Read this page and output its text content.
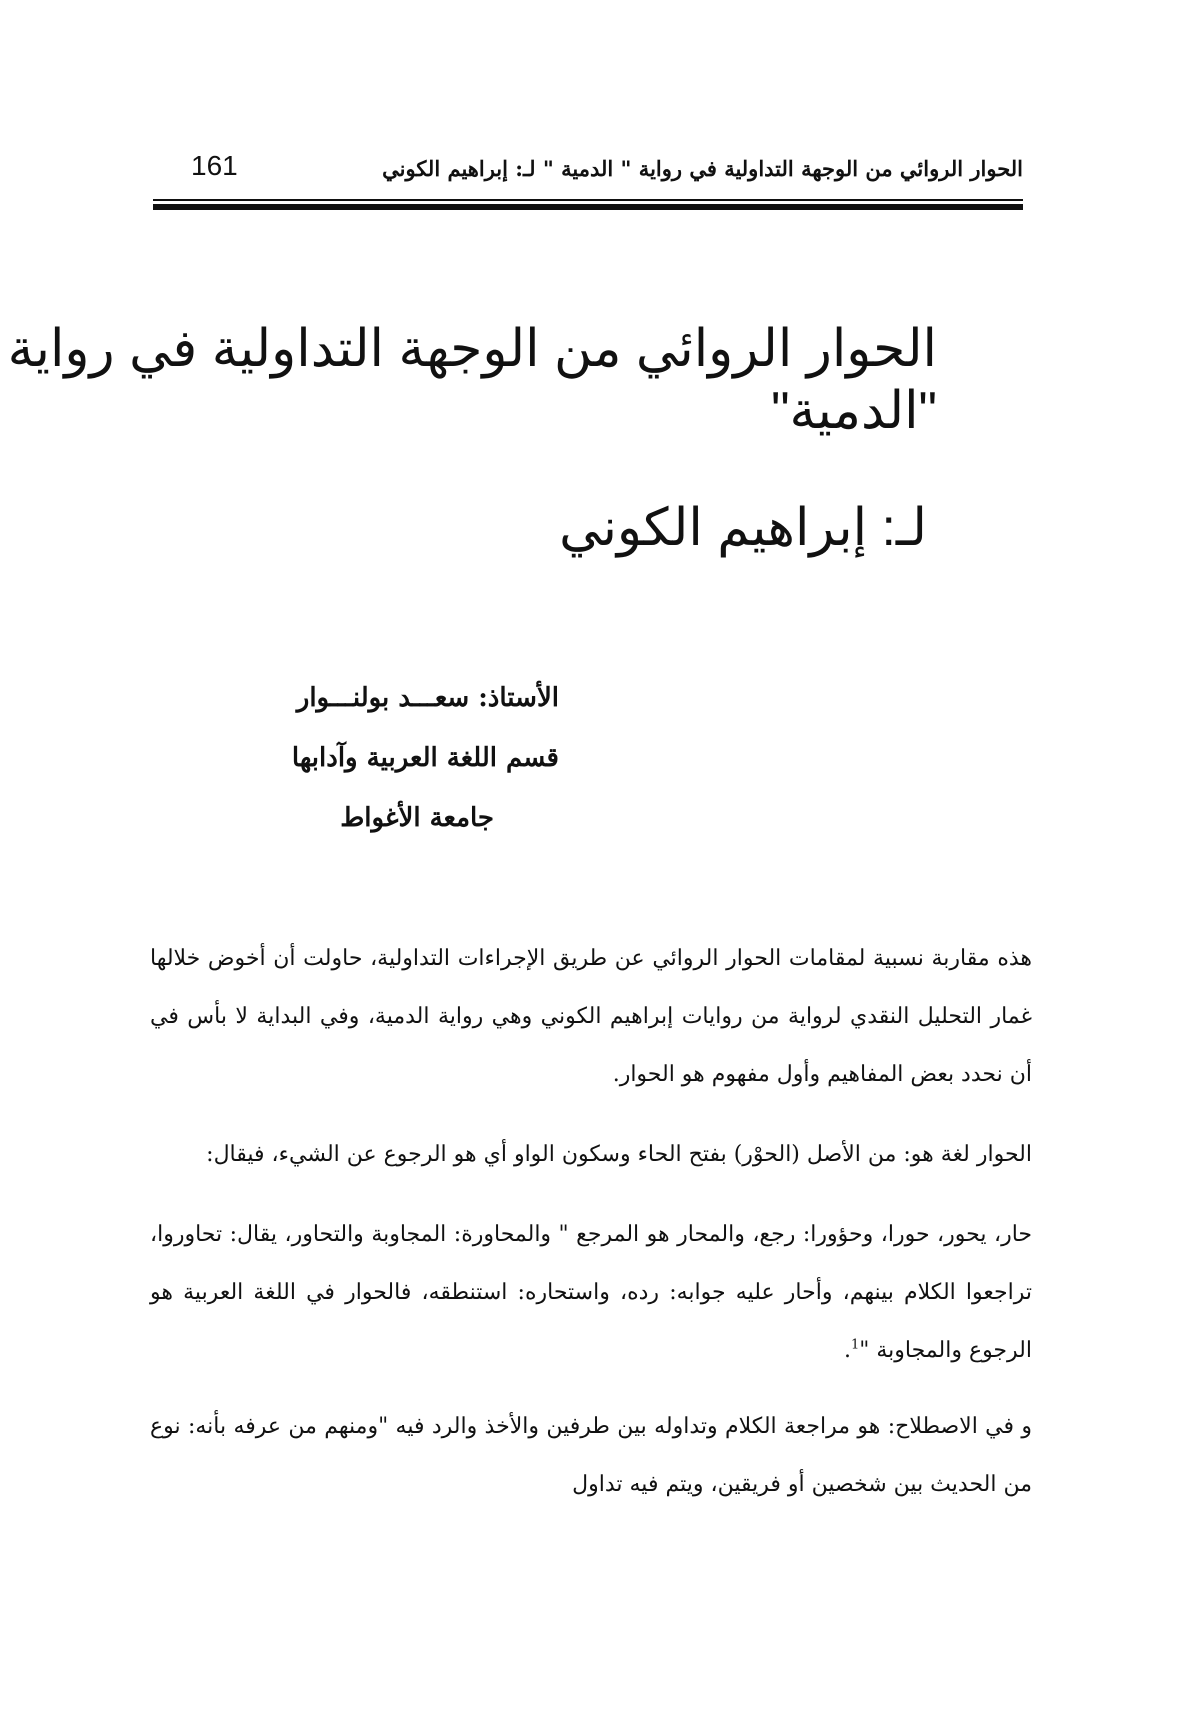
161	الحوار الروائي من الوجهة التداولية في رواية " الدمية " لـ: إبراهيم الكوني
الحوار الروائي من الوجهة التداولية في رواية
"الدمية"
لـ: إبراهيم الكوني
الأستاذ: سعـــد بولنـــوار
قسم اللغة العربية وآدابها
جامعة الأغواط

هذه مقاربة نسبية لمقامات الحوار الروائي عن طريق الإجراءات التداولية، حاولت أن أخوض خلالها غمار التحليل النقدي لرواية من روايات إبراهيم الكوني وهي رواية الدمية، وفي البداية لا بأس في أن نحدد بعض المفاهيم وأول مفهوم هو الحوار.

الحوار لغة هو: من الأصل (الحوْر) بفتح الحاء وسكون الواو أي هو الرجوع عن الشيء، فيقال:

حار، يحور، حورا، وحؤورا: رجع، والمحار هو المرجع " والمحاورة: المجاوبة والتحاور، يقال: تحاوروا، تراجعوا الكلام بينهم، وأحار عليه جوابه: رده، واستحاره: استنطقه، فالحوار في اللغة العربية هو الرجوع والمجاوبة "$^1$.

و في الاصطلاح: هو مراجعة الكلام وتداوله بين طرفين والأخذ والرد فيه "ومنهم من عرفه بأنه: نوع من الحديث بين شخصين أو فريقين، ويتم فيه تداول
